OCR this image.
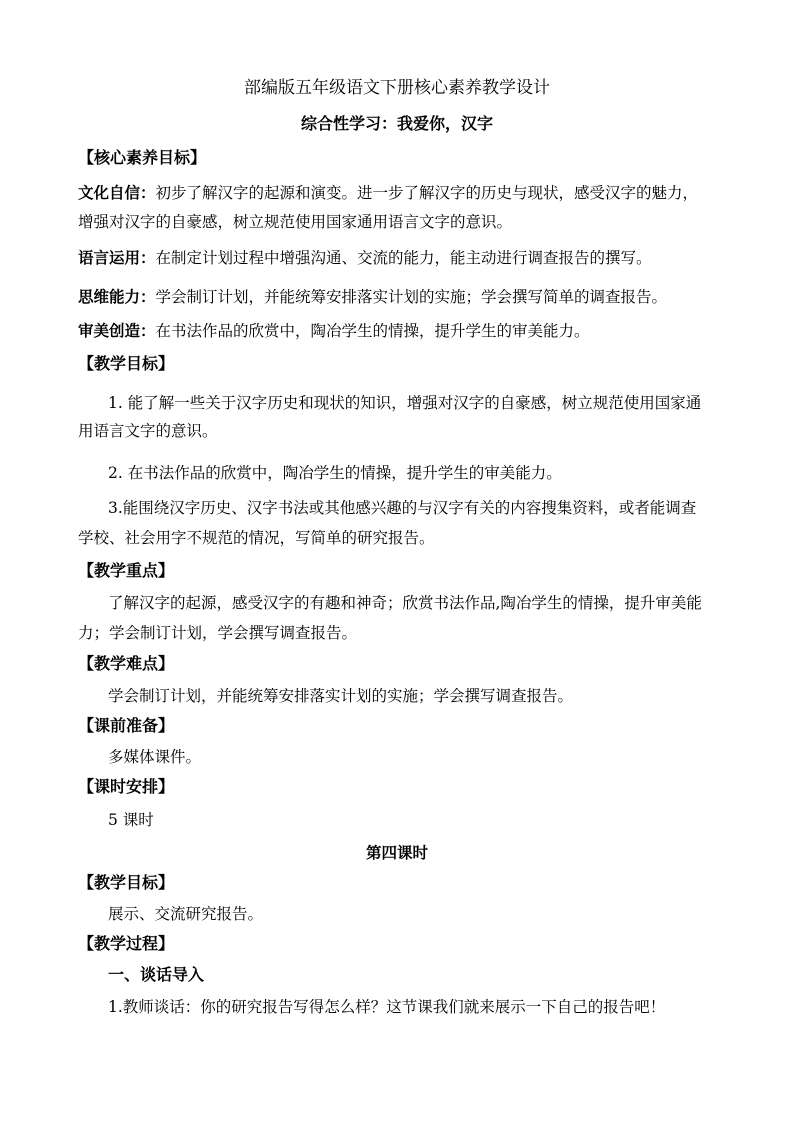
部编版五年级语文下册核心素养教学设计
综合性学习：我爱你，汉字
【核心素养目标】
文化自信：初步了解汉字的起源和演变。进一步了解汉字的历史与现状，感受汉字的魅力，
增强对汉字的自豪感，树立规范使用国家通用语言文字的意识。
语言运用：在制定计划过程中增强沟通、交流的能力，能主动进行调查报告的撰写。
思维能力：学会制订计划，并能统筹安排落实计划的实施；学会撰写简单的调查报告。
审美创造：在书法作品的欣赏中，陶冶学生的情操，提升学生的审美能力。
【教学目标】
1. 能了解一些关于汉字历史和现状的知识，增强对汉字的自豪感，树立规范使用国家通
用语言文字的意识。
2. 在书法作品的欣赏中，陶冶学生的情操，提升学生的审美能力。
3.能围绕汉字历史、汉字书法或其他感兴趣的与汉字有关的内容搜集资料，或者能调查
学校、社会用字不规范的情况，写简单的研究报告。
【教学重点】
了解汉字的起源，感受汉字的有趣和神奇；欣赏书法作品,陶冶学生的情操，提升审美能
力；学会制订计划，学会撰写调查报告。
【教学难点】
学会制订计划，并能统筹安排落实计划的实施；学会撰写调查报告。
【课前准备】
多媒体课件。
【课时安排】
5 课时
第四课时
【教学目标】
展示、交流研究报告。
【教学过程】
一、谈话导入
1.教师谈话：你的研究报告写得怎么样？这节课我们就来展示一下自己的报告吧！
